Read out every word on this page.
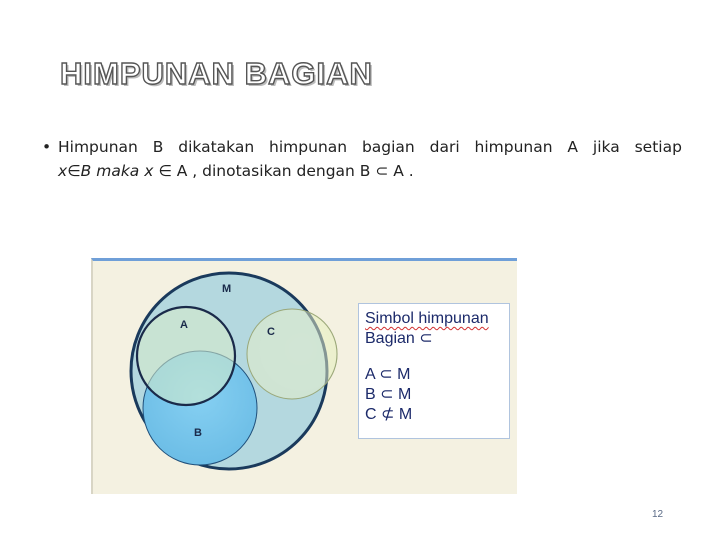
HIMPUNAN BAGIAN
• Himpunan B dikatakan himpunan bagian dari himpunan A jika setiap
x∈B maka x ∈ A , dinotasikan dengan B ⊂ A .
M
A
C
B
Simbol himpunan
Bagian ⊂
A ⊂ M
B ⊂ M
C ⊄ M
12
